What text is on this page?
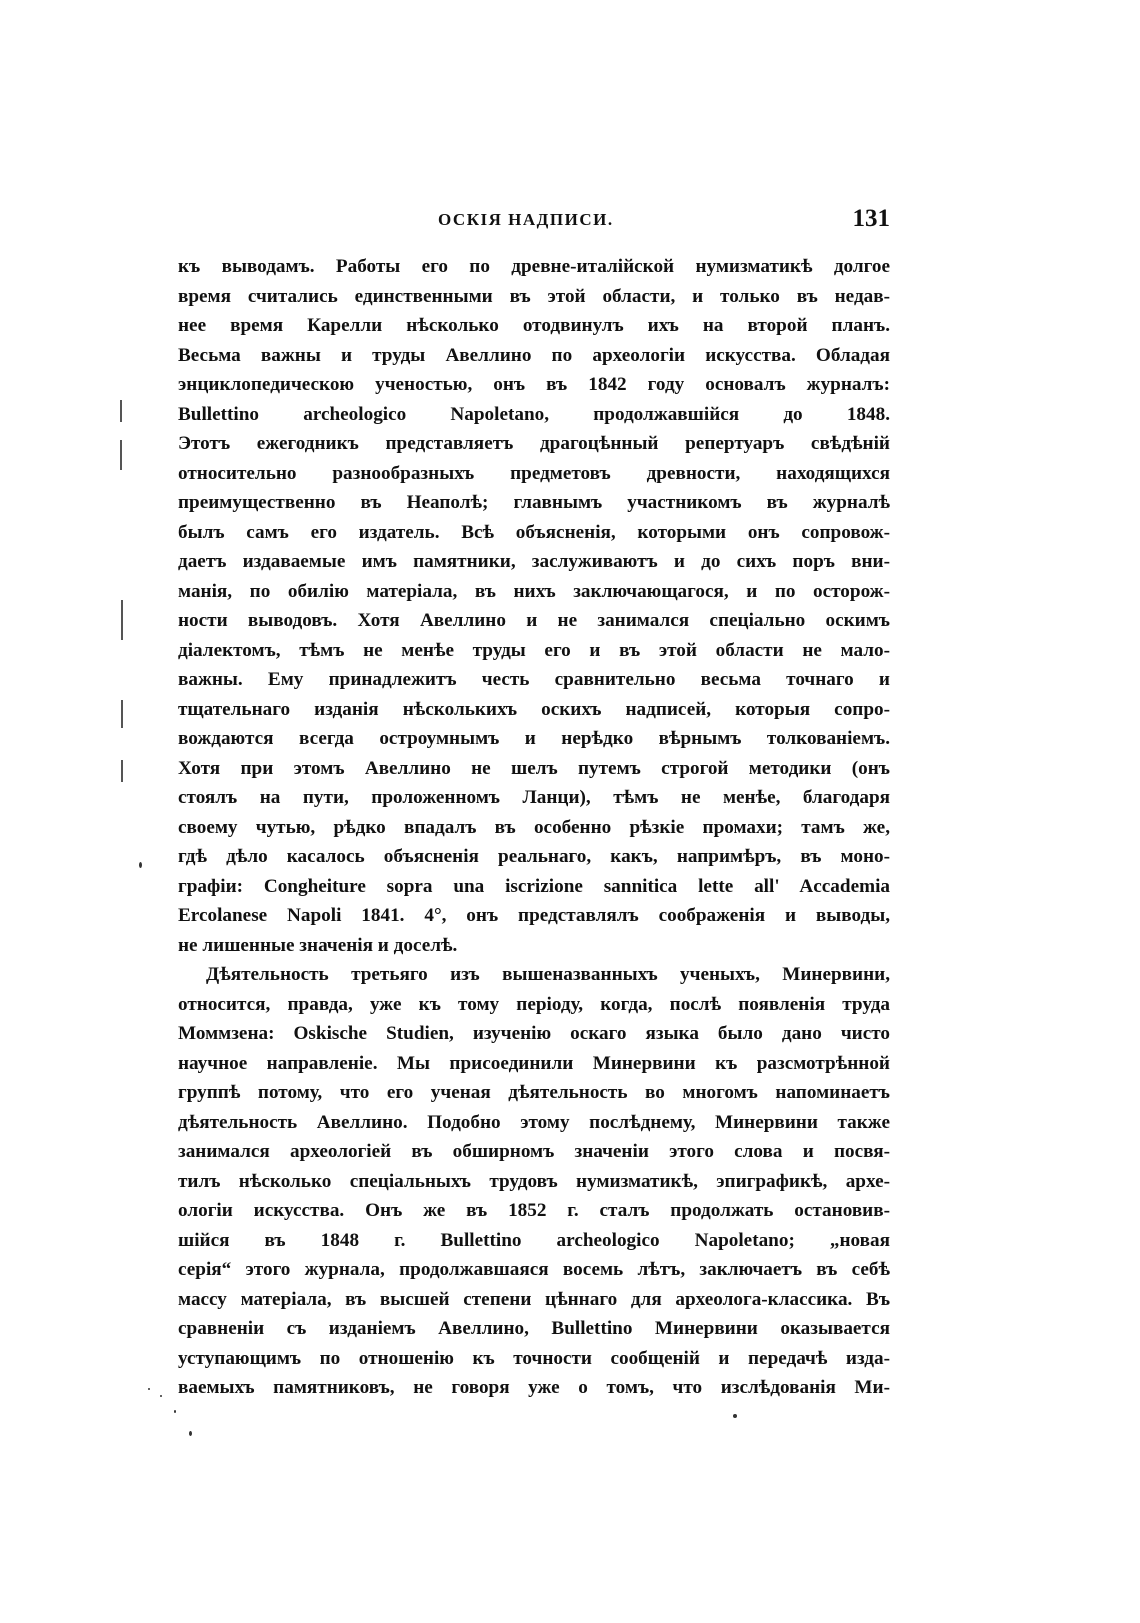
ОСКІЯ НАДПИСИ.	131
къ выводамъ. Работы его по древне-италійской нумизматикѣ долгое
время считались единственными въ этой области, и только въ недав-
нее время Карелли нѣсколько отодвинулъ ихъ на второй планъ.
Весьма важны и труды Авеллино по археологіи искусства. Обладая
энциклопедическою ученостью, онъ въ 1842 году основалъ журналъ:
Bullettino archeologico Napoletano, продолжавшійся до 1848.
Этотъ ежегодникъ представляетъ драгоцѣнный репертуаръ свѣдѣній
относительно разнообразныхъ предметовъ древности, находящихся
преимущественно въ Неаполѣ; главнымъ участникомъ въ журналѣ
былъ самъ его издатель. Всѣ объясненія, которыми онъ сопровож-
даетъ издаваемые имъ памятники, заслуживаютъ и до сихъ поръ вни-
манія, по обилію матеріала, въ нихъ заключающагося, и по осторож-
ности выводовъ. Хотя Авеллино и не занимался спеціально оскимъ
діалектомъ, тѣмъ не менѣе труды его и въ этой области не мало-
важны. Ему принадлежитъ честь сравнительно весьма точнаго и
тщательнаго изданія нѣсколькихъ оскихъ надписей, которыя сопро-
вождаются всегда остроумнымъ и нерѣдко вѣрнымъ толкованіемъ.
Хотя при этомъ Авеллино не шелъ путемъ строгой методики (онъ
стоялъ на пути, проложенномъ Ланци), тѣмъ не менѣе, благодаря
своему чутью, рѣдко впадалъ въ особенно рѣзкіе промахи; тамъ же,
гдѣ дѣло касалось объясненія реальнаго, какъ, напримѣръ, въ моно-
графіи: Congheiture sopra una iscrizione sannitica lette all' Accademia
Ercolanese Napoli 1841. 4°, онъ представлялъ соображенія и выводы,
не лишенные значенія и доселѣ.
Дѣятельность третьяго изъ вышеназванныхъ ученыхъ, Минервини,
относится, правда, уже къ тому періоду, когда, послѣ появленія труда
Моммзена: Oskische Studien, изученію оскаго языка было дано чисто
научное направленіе. Мы присоединили Минервини къ разсмотрѣнной
группѣ потому, что его ученая дѣятельность во многомъ напоминаетъ
дѣятельность Авеллино. Подобно этому послѣднему, Минервини также
занимался археологіей въ обширномъ значеніи этого слова и посвя-
тилъ нѣсколько спеціальныхъ трудовъ нумизматикѣ, эпиграфикѣ, архе-
ологіи искусства. Онъ же въ 1852 г. сталъ продолжать остановив-
шійся въ 1848 г. Bullettino archeologico Napoletano; „новая
серія“ этого журнала, продолжавшаяся восемь лѣтъ, заключаетъ въ себѣ
массу матеріала, въ высшей степени цѣннаго для археолога-классика. Въ
сравненіи съ изданіемъ Авеллино, Bullettino Минервини оказывается
уступающимъ по отношенію къ точности сообщеній и передачѣ изда-
ваемыхъ памятниковъ, не говоря уже о томъ, что изслѣдованія Ми-
